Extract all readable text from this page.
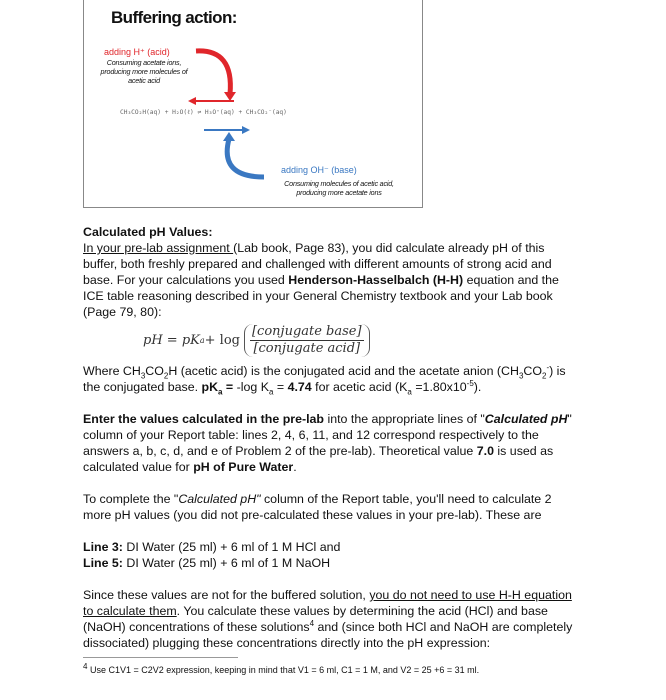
Buffering action:
adding H⁺ (acid)
Consuming acetate ions,
producing more molecules of
acetic acid
CH₃CO₂H(aq) + H₂O(ℓ) ⇌ H₃O⁺(aq) + CH₃CO₂⁻(aq)
adding OH⁻ (base)
Consuming molecules of acetic acid,
producing more acetate ions
Calculated pH Values:

In your pre-lab assignment (Lab book, Page 83), you did calculate already pH of this buffer, both freshly prepared and challenged with different amounts of strong acid and base. For your calculations you used Henderson-Hasselbalch (H-H) equation and the ICE table reasoning described in your General Chemistry textbook and your Lab book (Page 79, 80):

pH = pK $a + \log \frac{\text{[conjugate base]}}{\text{[conjugate acid]}}$

Where $CH_3CO_2H$ (acetic acid) is the conjugated acid and the acetate anion $(CH_3CO_2^-)$ is the conjugated base. $pK_a = -\log$ $K_a = 4.74$ for acetic acid $(K_a =1.80x10^{-5})$.

Enter the values calculated in the pre-lab into the appropriate lines of "Calculated pH" column of your Report table: lines 2, 4, 6, 11, and 12 correspond respectively to the answers a, b, c, d, and e of Problem 2 of the pre-lab). Theoretical value 7.0 is used as calculated value for pH of Pure Water.

To complete the "Calculated pH" column of the Report table, you'll need to calculate 2 more pH values (you did not pre-calculated these values in your pre-lab). These are

Line 3: DI Water (25 ml) + 6 ml of 1 M HCl and
Line 5: DI Water (25 ml) + 6 ml of 1 M NaOH

Since these values are not for the buffered solution, you do not need to use H-H equation to calculate them. You calculate these values by determining the acid (HCl) and base (NaOH) concentrations of these solutions$^4$ and (since both HCl and NaOH are completely dissociated) plugging these concentrations directly into the pH expression:

$^4$ Use C1V1 = C2V2 expression, keeping in mind that V1 = 6 ml, C1 = 1 M, and V2 = 25 +6 = 31 ml.
